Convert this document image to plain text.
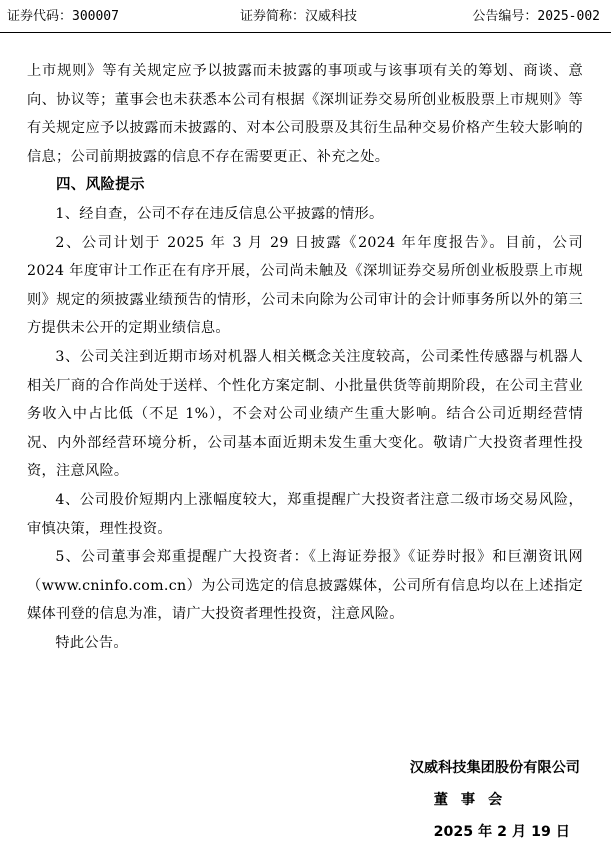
证券代码：300007	证券简称：汉威科技	公告编号：2025-002

上市规则》等有关规定应予以披露而未披露的事项或与该事项有关的筹划、商谈、意向、协议等；董事会也未获悉本公司有根据《深圳证券交易所创业板股票上市规则》等有关规定应予以披露而未披露的、对本公司股票及其衍生品种交易价格产生较大影响的信息；公司前期披露的信息不存在需要更正、补充之处。

四、风险提示

1、经自查，公司不存在违反信息公平披露的情形。

2、公司计划于 2025 年 3 月 29 日披露《2024 年年度报告》。目前，公司 2024 年度审计工作正在有序开展，公司尚未触及《深圳证券交易所创业板股票上市规则》规定的须披露业绩预告的情形，公司未向除为公司审计的会计师事务所以外的第三方提供未公开的定期业绩信息。

3、公司关注到近期市场对机器人相关概念关注度较高，公司柔性传感器与机器人相关厂商的合作尚处于送样、个性化方案定制、小批量供货等前期阶段，在公司主营业务收入中占比低（不足 1%），不会对公司业绩产生重大影响。结合公司近期经营情况、内外部经营环境分析，公司基本面近期未发生重大变化。敬请广大投资者理性投资，注意风险。

4、公司股价短期内上涨幅度较大，郑重提醒广大投资者注意二级市场交易风险，审慎决策，理性投资。

5、公司董事会郑重提醒广大投资者：《上海证券报》《证券时报》和巨潮资讯网（www.cninfo.com.cn）为公司选定的信息披露媒体，公司所有信息均以在上述指定媒体刊登的信息为准，请广大投资者理性投资，注意风险。

特此公告。

汉威科技集团股份有限公司
董 事 会
2025 年 2 月 19 日
